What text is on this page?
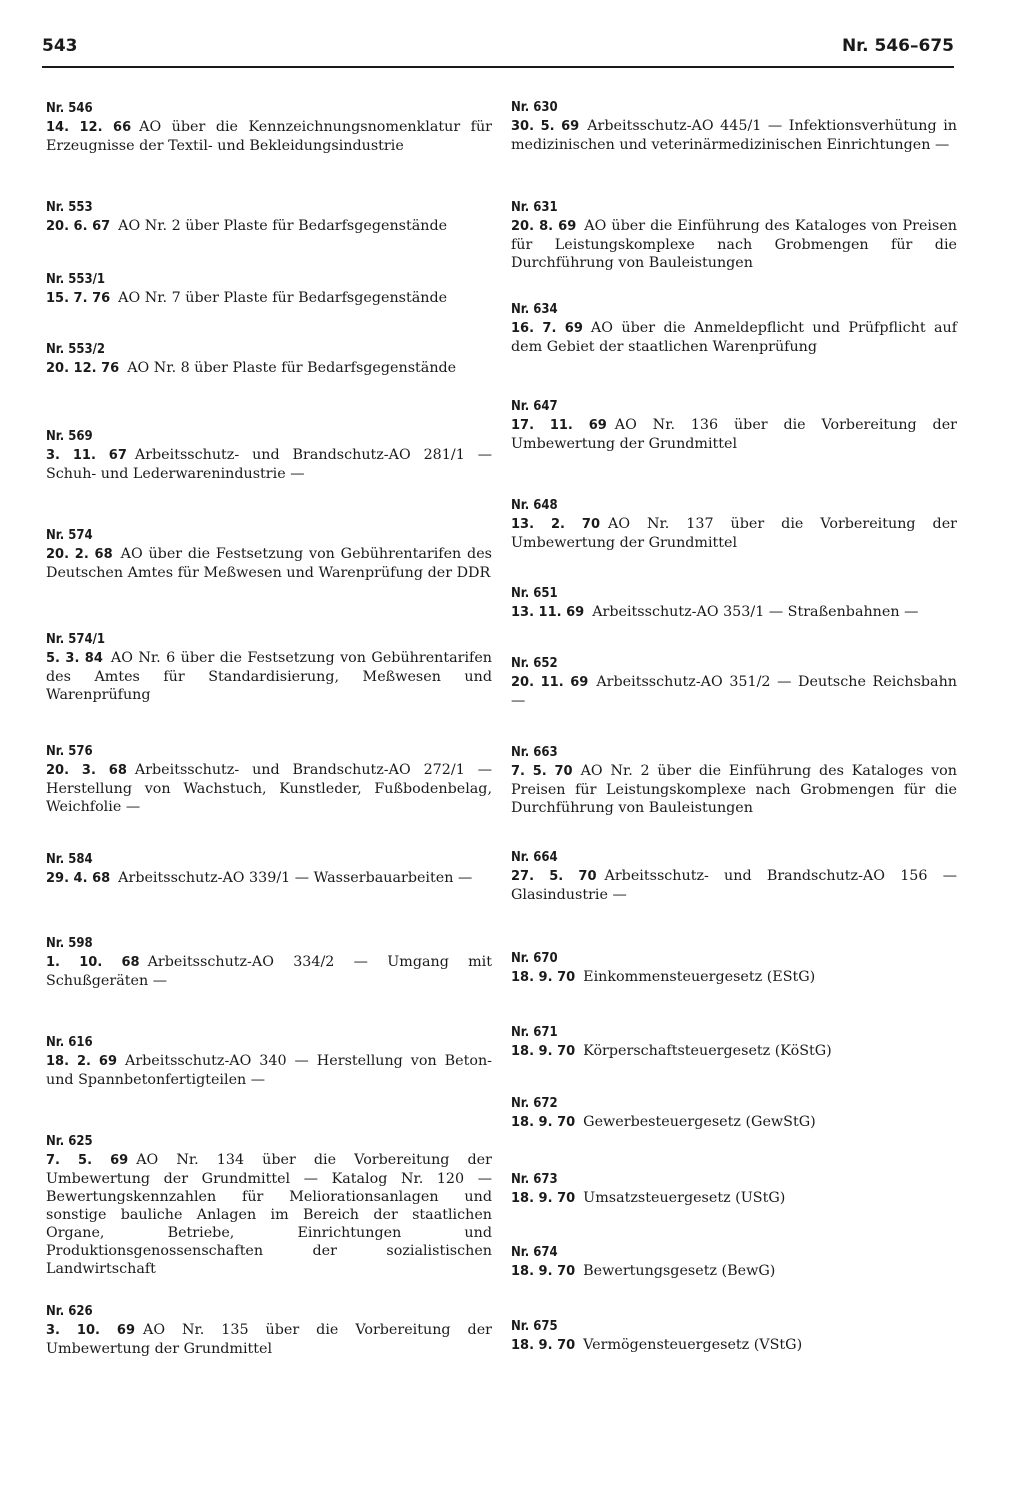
543	Nr. 546–675
Nr. 546
14. 12. 66 AO über die Kennzeichnungsnomenklatur für Erzeugnisse der Textil- und Bekleidungsindustrie
Nr. 553
20. 6. 67 AO Nr. 2 über Plaste für Bedarfsgegenstände
Nr. 553/1
15. 7. 76 AO Nr. 7 über Plaste für Bedarfsgegenstände
Nr. 553/2
20. 12. 76 AO Nr. 8 über Plaste für Bedarfsgegenstände
Nr. 569
3. 11. 67 Arbeitsschutz- und Brandschutz-AO 281/1 — Schuh- und Lederwarenindustrie —
Nr. 574
20. 2. 68 AO über die Festsetzung von Gebührentarifen des Deutschen Amtes für Meßwesen und Warenprüfung der DDR
Nr. 574/1
5. 3. 84 AO Nr. 6 über die Festsetzung von Gebührentarifen des Amtes für Standardisierung, Meßwesen und Warenprüfung
Nr. 576
20. 3. 68 Arbeitsschutz- und Brandschutz-AO 272/1 — Herstellung von Wachstuch, Kunstleder, Fußbodenbelag, Weichfolie —
Nr. 584
29. 4. 68 Arbeitsschutz-AO 339/1 — Wasserbauarbeiten —
Nr. 598
1. 10. 68 Arbeitsschutz-AO 334/2 — Umgang mit Schußgeräten —
Nr. 616
18. 2. 69 Arbeitsschutz-AO 340 — Herstellung von Beton- und Spannbetonfertigteilen —
Nr. 625
7. 5. 69 AO Nr. 134 über die Vorbereitung der Umbewertung der Grundmittel — Katalog Nr. 120 — Bewertungskennzahlen für Meliorationsanlagen und sonstige bauliche Anlagen im Bereich der staatlichen Organe, Betriebe, Einrichtungen und Produktionsgenossenschaften der sozialistischen Landwirtschaft
Nr. 626
3. 10. 69 AO Nr. 135 über die Vorbereitung der Umbewertung der Grundmittel
Nr. 630
30. 5. 69 Arbeitsschutz-AO 445/1 — Infektionsverhütung in medizinischen und veterinärmedizinischen Einrichtungen —
Nr. 631
20. 8. 69 AO über die Einführung des Kataloges von Preisen für Leistungskomplexe nach Grobmengen für die Durchführung von Bauleistungen
Nr. 634
16. 7. 69 AO über die Anmeldepflicht und Prüfpflicht auf dem Gebiet der staatlichen Warenprüfung
Nr. 647
17. 11. 69 AO Nr. 136 über die Vorbereitung der Umbewertung der Grundmittel
Nr. 648
13. 2. 70 AO Nr. 137 über die Vorbereitung der Umbewertung der Grundmittel
Nr. 651
13. 11. 69 Arbeitsschutz-AO 353/1 — Straßenbahnen —
Nr. 652
20. 11. 69 Arbeitsschutz-AO 351/2 — Deutsche Reichsbahn —
Nr. 663
7. 5. 70 AO Nr. 2 über die Einführung des Kataloges von Preisen für Leistungskomplexe nach Grobmengen für die Durchführung von Bauleistungen
Nr. 664
27. 5. 70 Arbeitsschutz- und Brandschutz-AO 156 — Glasindustrie —
Nr. 670
18. 9. 70 Einkommensteuergesetz (EStG)
Nr. 671
18. 9. 70 Körperschaftsteuergesetz (KöStG)
Nr. 672
18. 9. 70 Gewerbesteuergesetz (GewStG)
Nr. 673
18. 9. 70 Umsatzsteuergesetz (UStG)
Nr. 674
18. 9. 70 Bewertungsgesetz (BewG)
Nr. 675
18. 9. 70 Vermögensteuergesetz (VStG)
